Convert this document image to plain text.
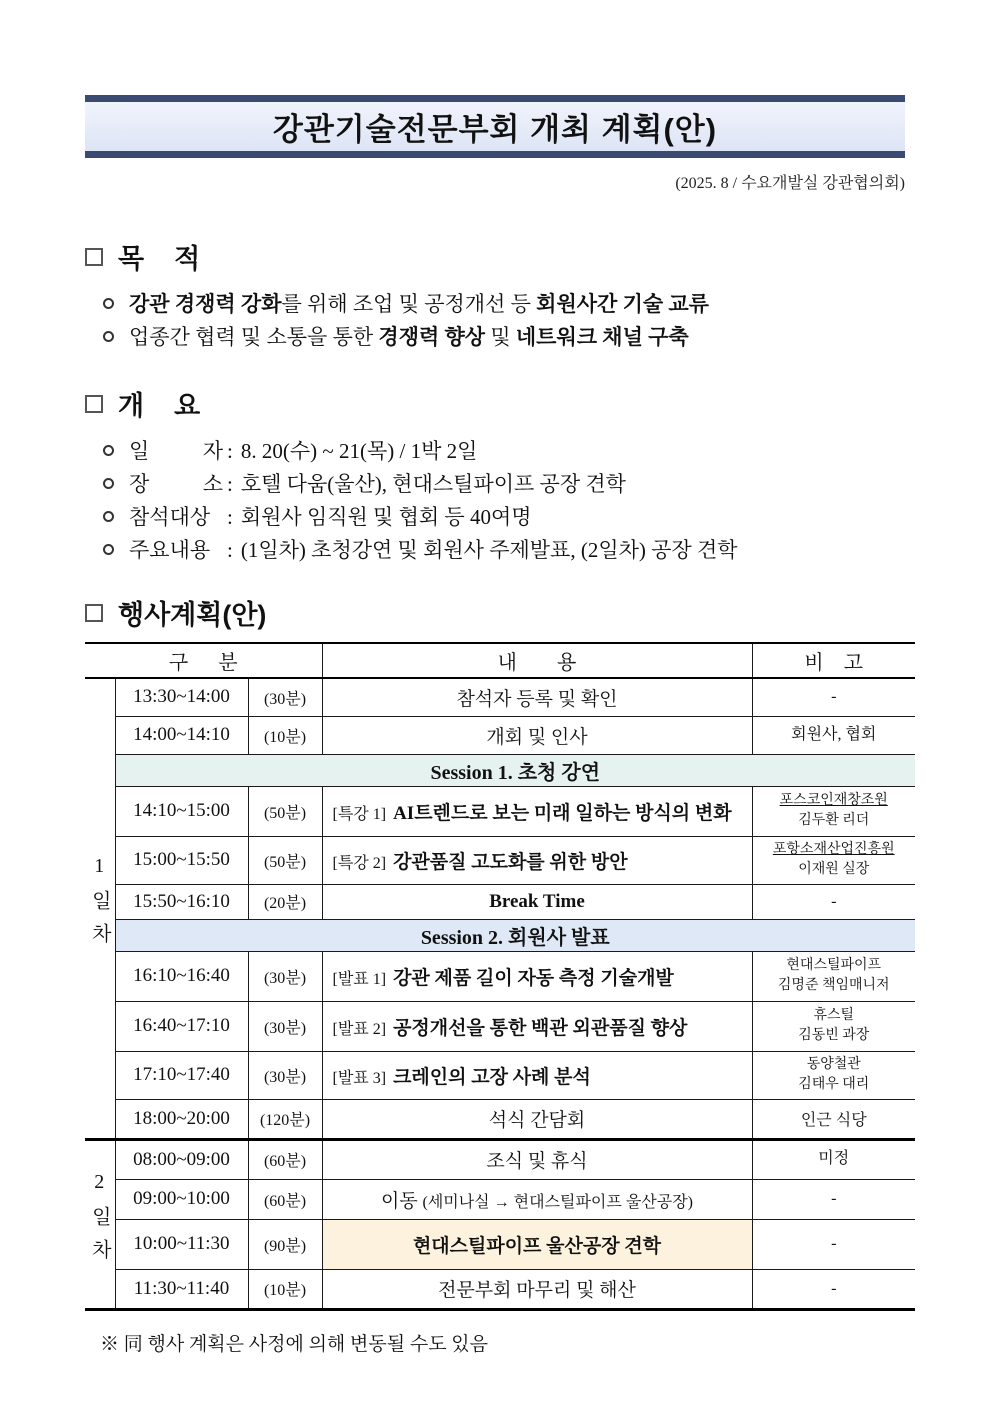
강관기술전문부회 개최 계획(안)
(2025. 8 / 수요개발실 강관협의회)
목    적
강관 경쟁력 강화를 위해 조업 및 공정개선 등 회원사간 기술 교류
업종간 협력 및 소통을 통한 경쟁력 향상 및 네트워크 채널 구축
개    요
일 자 : 8. 20(수) ~ 21(목) / 1박 2일
장 소 : 호텔 다움(울산), 현대스틸파이프 공장 견학
참석대상 : 회원사 임직원 및 협회 등 40여명
주요내용 : (1일차) 초청강연 및 회원사 주제발표, (2일차) 공장 견학
행사계획(안)
구      분			내        용	비    고
1일차	13:30~14:00	(30분)	참석자 등록 및 확인	-
	14:00~14:10	(10분)	개회 및 인사	회원사, 협회
	Session 1. 초청 강연			
	14:10~15:00	(50분)	[특강 1] AI트렌드로 보는 미래 일하는 방식의 변화	포스코인재창조원
김두환 리더

	15:00~15:50	(50분)	[특강 2] 강관품질 고도화를 위한 방안	포항소재산업진흥원
이재원 실장

	15:50~16:10	(20분)	Break Time	-
	Session 2. 회원사 발표			
	16:10~16:40	(30분)	[발표 1] 강관 제품 길이 자동 측정 기술개발	현대스틸파이프
김명준 책임매니저

	16:40~17:10	(30분)	[발표 2] 공정개선을 통한 백관 외관품질 향상	휴스틸
김동빈 과장

	17:10~17:40	(30분)	[발표 3] 크레인의 고장 사례 분석	동양철관
김태우 대리

	18:00~20:00	(120분)	석식 간담회	인근 식당
2일차	08:00~09:00	(60분)	조식 및 휴식	미정
	09:00~10:00	(60분)	이동 (세미나실 → 현대스틸파이프 울산공장)	-
	10:00~11:30	(90분)	현대스틸파이프 울산공장 견학	-
	11:30~11:40	(10분)	전문부회 마무리 및 해산	-
※ 同 행사 계획은 사정에 의해 변동될 수도 있음
